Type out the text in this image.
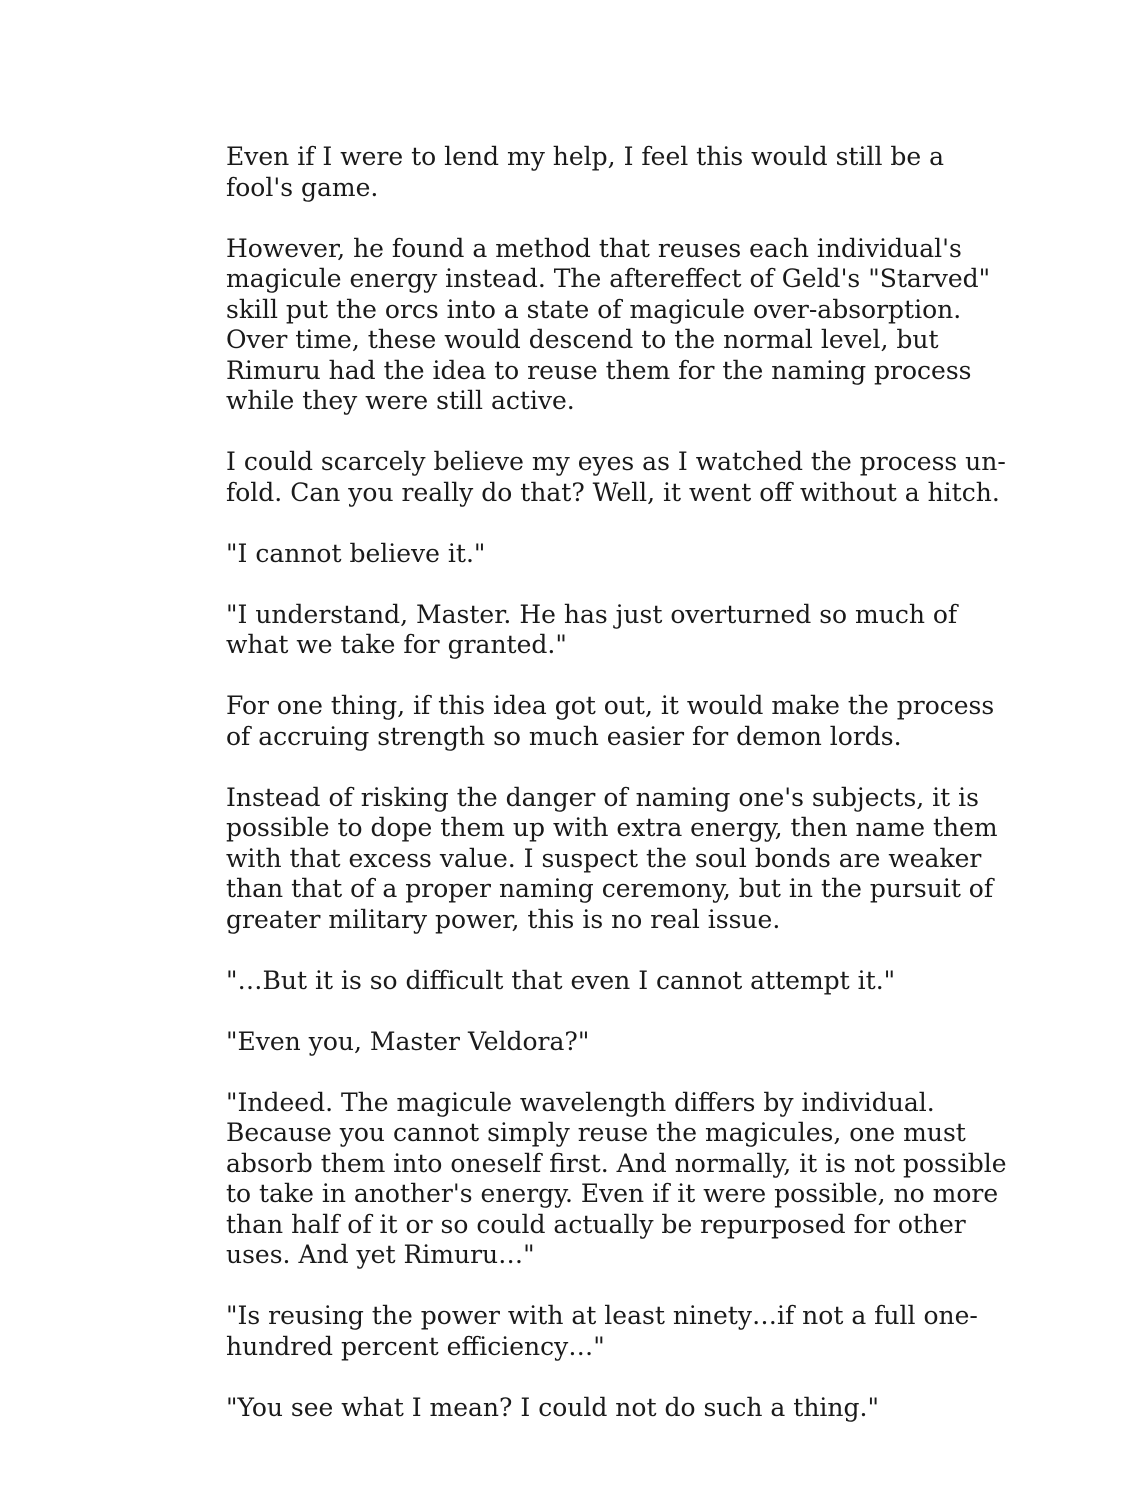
Even if I were to lend my help, I feel this would still be a
fool's game.

However, he found a method that reuses each individual's
magicule energy instead. The aftereffect of Geld's "Starved"
skill put the orcs into a state of magicule over-absorption.
Over time, these would descend to the normal level, but
Rimuru had the idea to reuse them for the naming process
while they were still active.

I could scarcely believe my eyes as I watched the process un-
fold. Can you really do that? Well, it went off without a hitch.

"I cannot believe it."

"I understand, Master. He has just overturned so much of
what we take for granted."

For one thing, if this idea got out, it would make the process
of accruing strength so much easier for demon lords.

Instead of risking the danger of naming one's subjects, it is
possible to dope them up with extra energy, then name them
with that excess value. I suspect the soul bonds are weaker
than that of a proper naming ceremony, but in the pursuit of
greater military power, this is no real issue.

"…But it is so difficult that even I cannot attempt it."

"Even you, Master Veldora?"

"Indeed. The magicule wavelength differs by individual.
Because you cannot simply reuse the magicules, one must
absorb them into oneself first. And normally, it is not possible
to take in another's energy. Even if it were possible, no more
than half of it or so could actually be repurposed for other
uses. And yet Rimuru…"

"Is reusing the power with at least ninety…if not a full one-
hundred percent efficiency…"

"You see what I mean? I could not do such a thing."
